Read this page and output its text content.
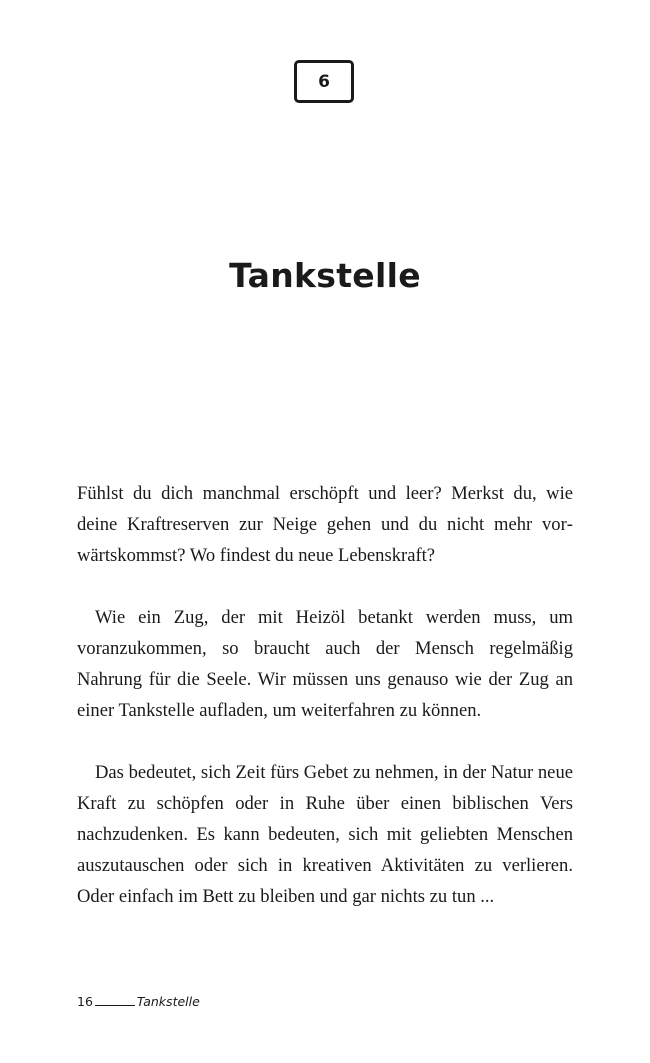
6
Tankstelle

Fühlst du dich manchmal erschöpft und leer? Merkst du, wie deine Kraftreserven zur Neige gehen und du nicht mehr vorwärtskommst? Wo findest du neue Lebenskraft?

Wie ein Zug, der mit Heizöl betankt werden muss, um voranzukommen, so braucht auch der Mensch regelmäßig Nahrung für die Seele. Wir müssen uns genauso wie der Zug an einer Tankstelle aufladen, um weiterfahren zu können.

Das bedeutet, sich Zeit fürs Gebet zu nehmen, in der Natur neue Kraft zu schöpfen oder in Ruhe über einen biblischen Vers nachzudenken. Es kann bedeuten, sich mit geliebten Menschen auszutauschen oder sich in kreativen Aktivitäten zu verlieren. Oder einfach im Bett zu bleiben und gar nichts zu tun ...

16	Tankstelle
